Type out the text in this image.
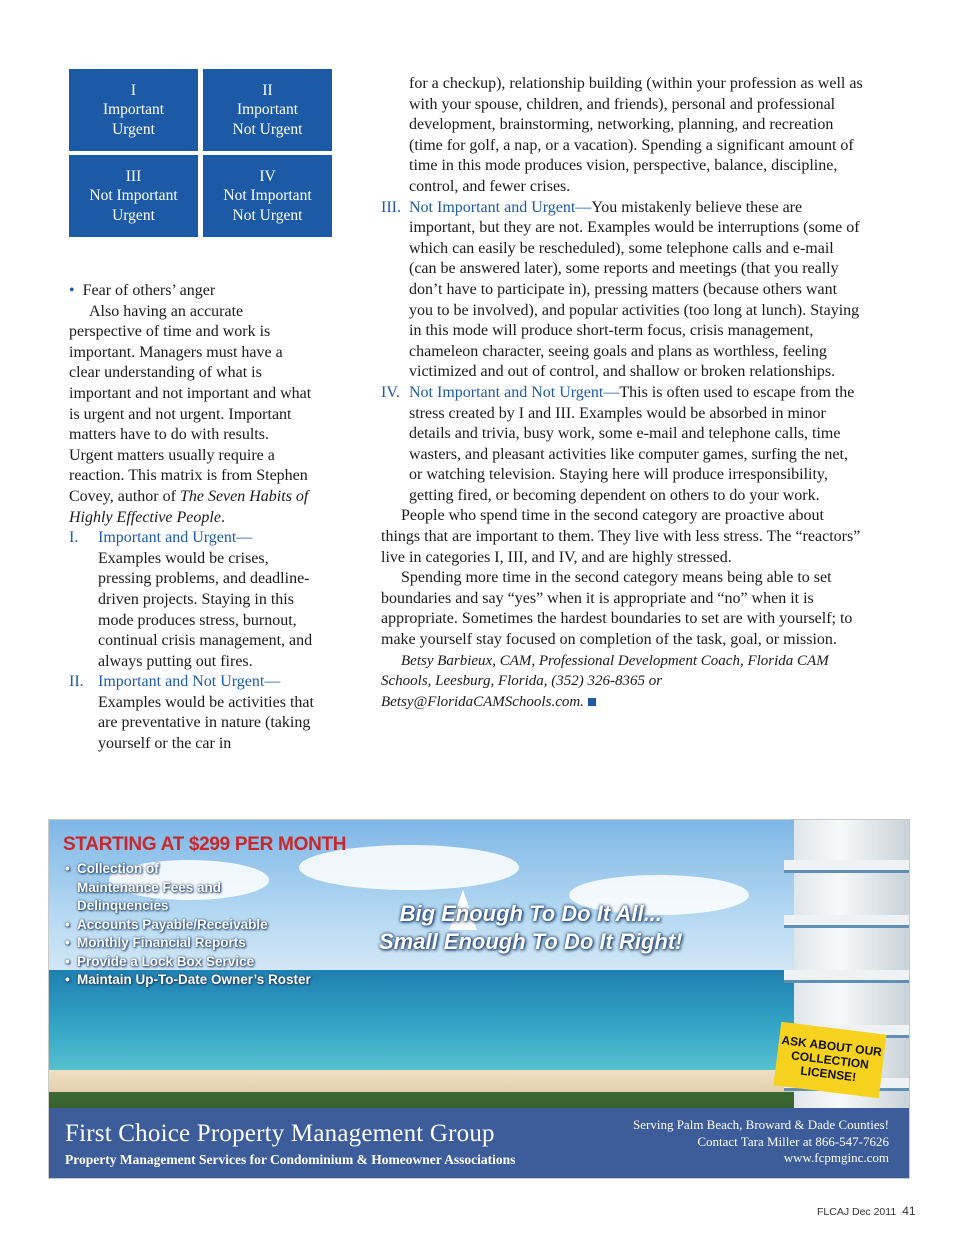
I
Important
Urgent
II
Important
Not Urgent
III
Not Important
Urgent
IV
Not Important
Not Urgent

• Fear of others’ anger

Also having an accurate perspective of time and work is important. Managers must have a clear understanding of what is important and not important and what is urgent and not urgent. Important matters have to do with results. Urgent matters usually require a reaction. This matrix is from Stephen Covey, author of The Seven Habits of Highly Effective People.

I. Important and Urgent—
Examples would be crises, pressing problems, and deadline-driven projects. Staying in this mode produces stress, burnout, continual crisis management, and always putting out fires.

II. Important and Not Urgent—
Examples would be activities that are preventative in nature (taking yourself or the car in

for a checkup), relationship building (within your profession as well as with your spouse, children, and friends), personal and professional development, brainstorming, networking, planning, and recreation (time for golf, a nap, or a vacation). Spending a significant amount of time in this mode produces vision, perspective, balance, discipline, control, and fewer crises.

III. Not Important and Urgent—You mistakenly believe these are important, but they are not. Examples would be interruptions (some of which can easily be rescheduled), some telephone calls and e-mail (can be answered later), some reports and meetings (that you really don’t have to participate in), pressing matters (because others want you to be involved), and popular activities (too long at lunch). Staying in this mode will produce short-term focus, crisis management, chameleon character, seeing goals and plans as worthless, feeling victimized and out of control, and shallow or broken relationships.

IV. Not Important and Not Urgent—This is often used to escape from the stress created by I and III. Examples would be absorbed in minor details and trivia, busy work, some e-mail and telephone calls, time wasters, and pleasant activities like computer games, surfing the net, or watching television. Staying here will produce irresponsibility, getting fired, or becoming dependent on others to do your work.

People who spend time in the second category are proactive about things that are important to them. They live with less stress. The “reactors” live in categories I, III, and IV, and are highly stressed.

Spending more time in the second category means being able to set boundaries and say “yes” when it is appropriate and “no” when it is appropriate. Sometimes the hardest boundaries to set are with yourself; to make yourself stay focused on completion of the task, goal, or mission.

Betsy Barbieux, CAM, Professional Development Coach, Florida CAM Schools, Leesburg, Florida, (352) 326-8365 or Betsy@FloridaCAMSchools.com.

STARTING AT $299 PER MONTH
• Collection of Maintenance Fees and Delinquencies
• Accounts Payable/Receivable
• Monthly Financial Reports
• Provide a Lock Box Service
• Maintain Up-To-Date Owner’s Roster
Big Enough To Do It All...
Small Enough To Do It Right!
ASK ABOUT OUR COLLECTION LICENSE!
First Choice Property Management Group
Property Management Services for Condominium & Homeowner Associations
Serving Palm Beach, Broward & Dade Counties!
Contact Tara Miller at 866-547-7626
www.fcpmginc.com
FLCAJ Dec 2011 41
